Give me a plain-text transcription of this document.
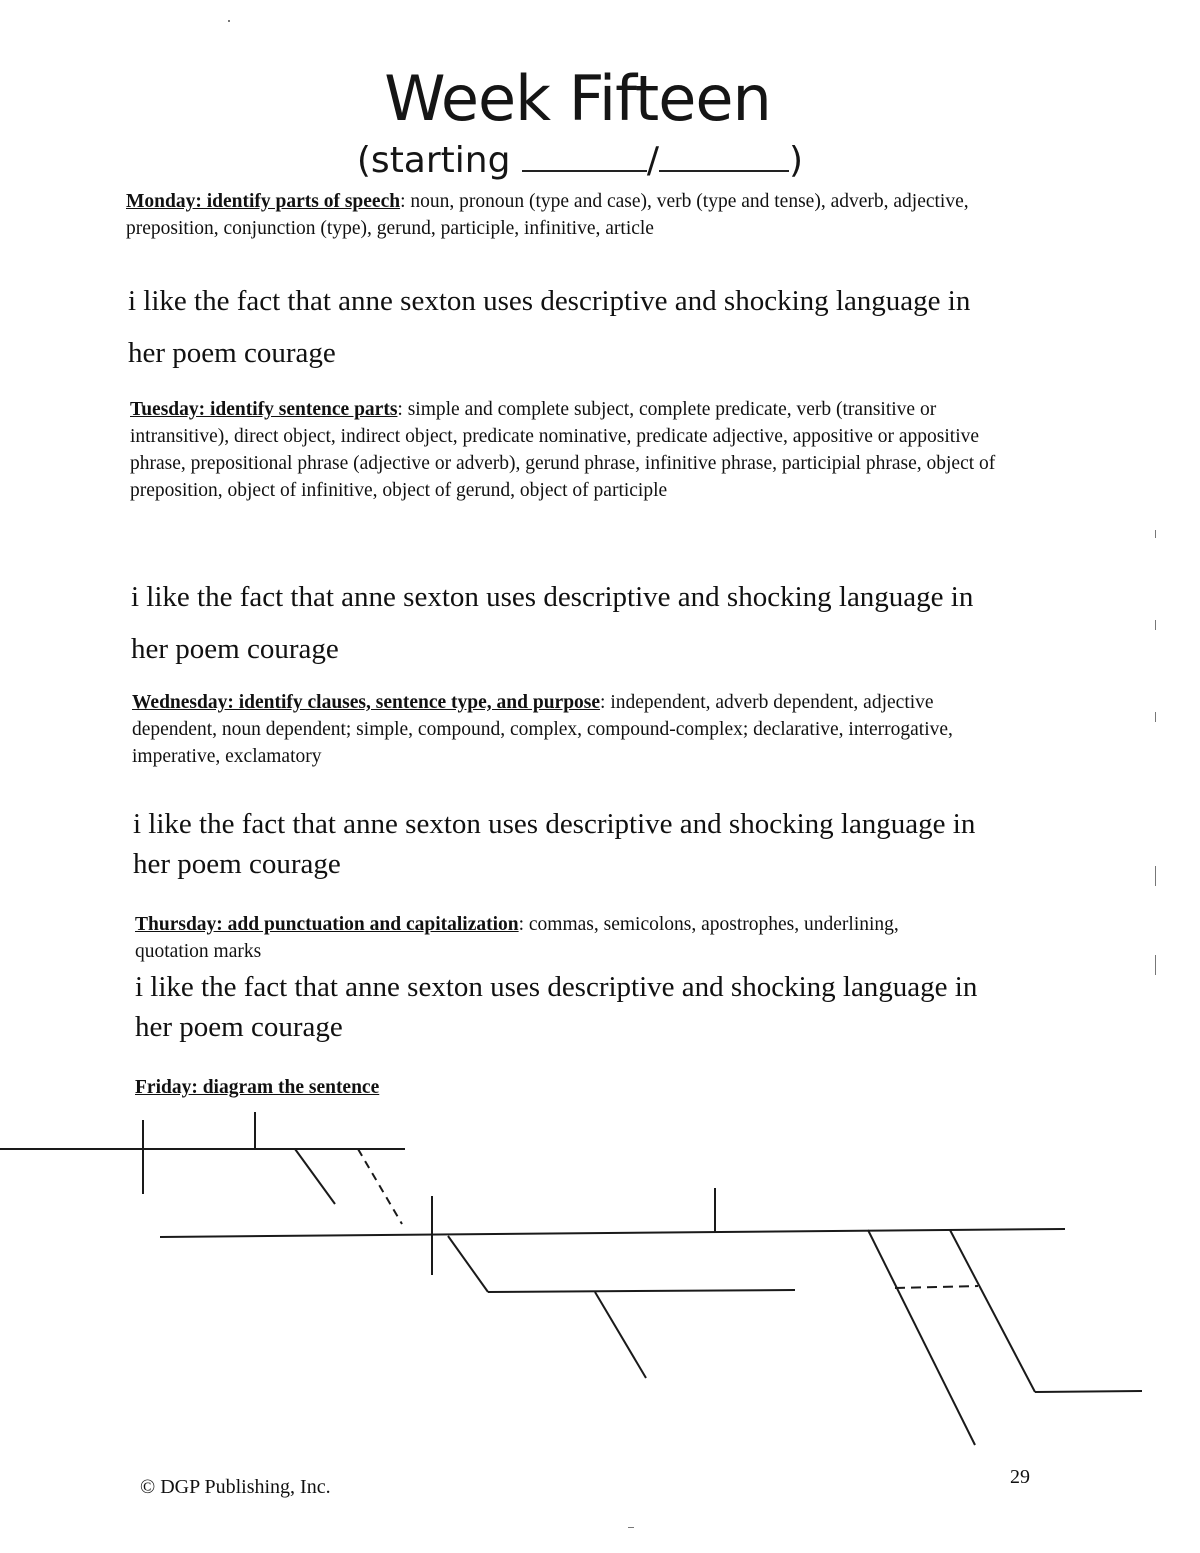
Week Fifteen
(starting	/	)
Monday: identify parts of speech: noun, pronoun (type and case), verb (type and tense), adverb, adjective, preposition, conjunction (type), gerund, participle, infinitive, article
i like the fact that anne sexton uses descriptive and shocking language in
her poem courage
Tuesday: identify sentence parts: simple and complete subject, complete predicate, verb (transitive or intransitive), direct object, indirect object, predicate nominative, predicate adjective, appositive or appositive phrase, prepositional phrase (adjective or adverb), gerund phrase, infinitive phrase, participial phrase, object of preposition, object of infinitive, object of gerund, object of participle
i like the fact that anne sexton uses descriptive and shocking language in
her poem courage
Wednesday: identify clauses, sentence type, and purpose: independent, adverb dependent, adjective dependent, noun dependent; simple, compound, complex, compound-complex; declarative, interrogative, imperative, exclamatory
i like the fact that anne sexton uses descriptive and shocking language in
her poem courage
Thursday: add punctuation and capitalization: commas, semicolons, apostrophes, underlining, quotation marks
i like the fact that anne sexton uses descriptive and shocking language in
her poem courage
Friday: diagram the sentence
© DGP Publishing, Inc.	29
